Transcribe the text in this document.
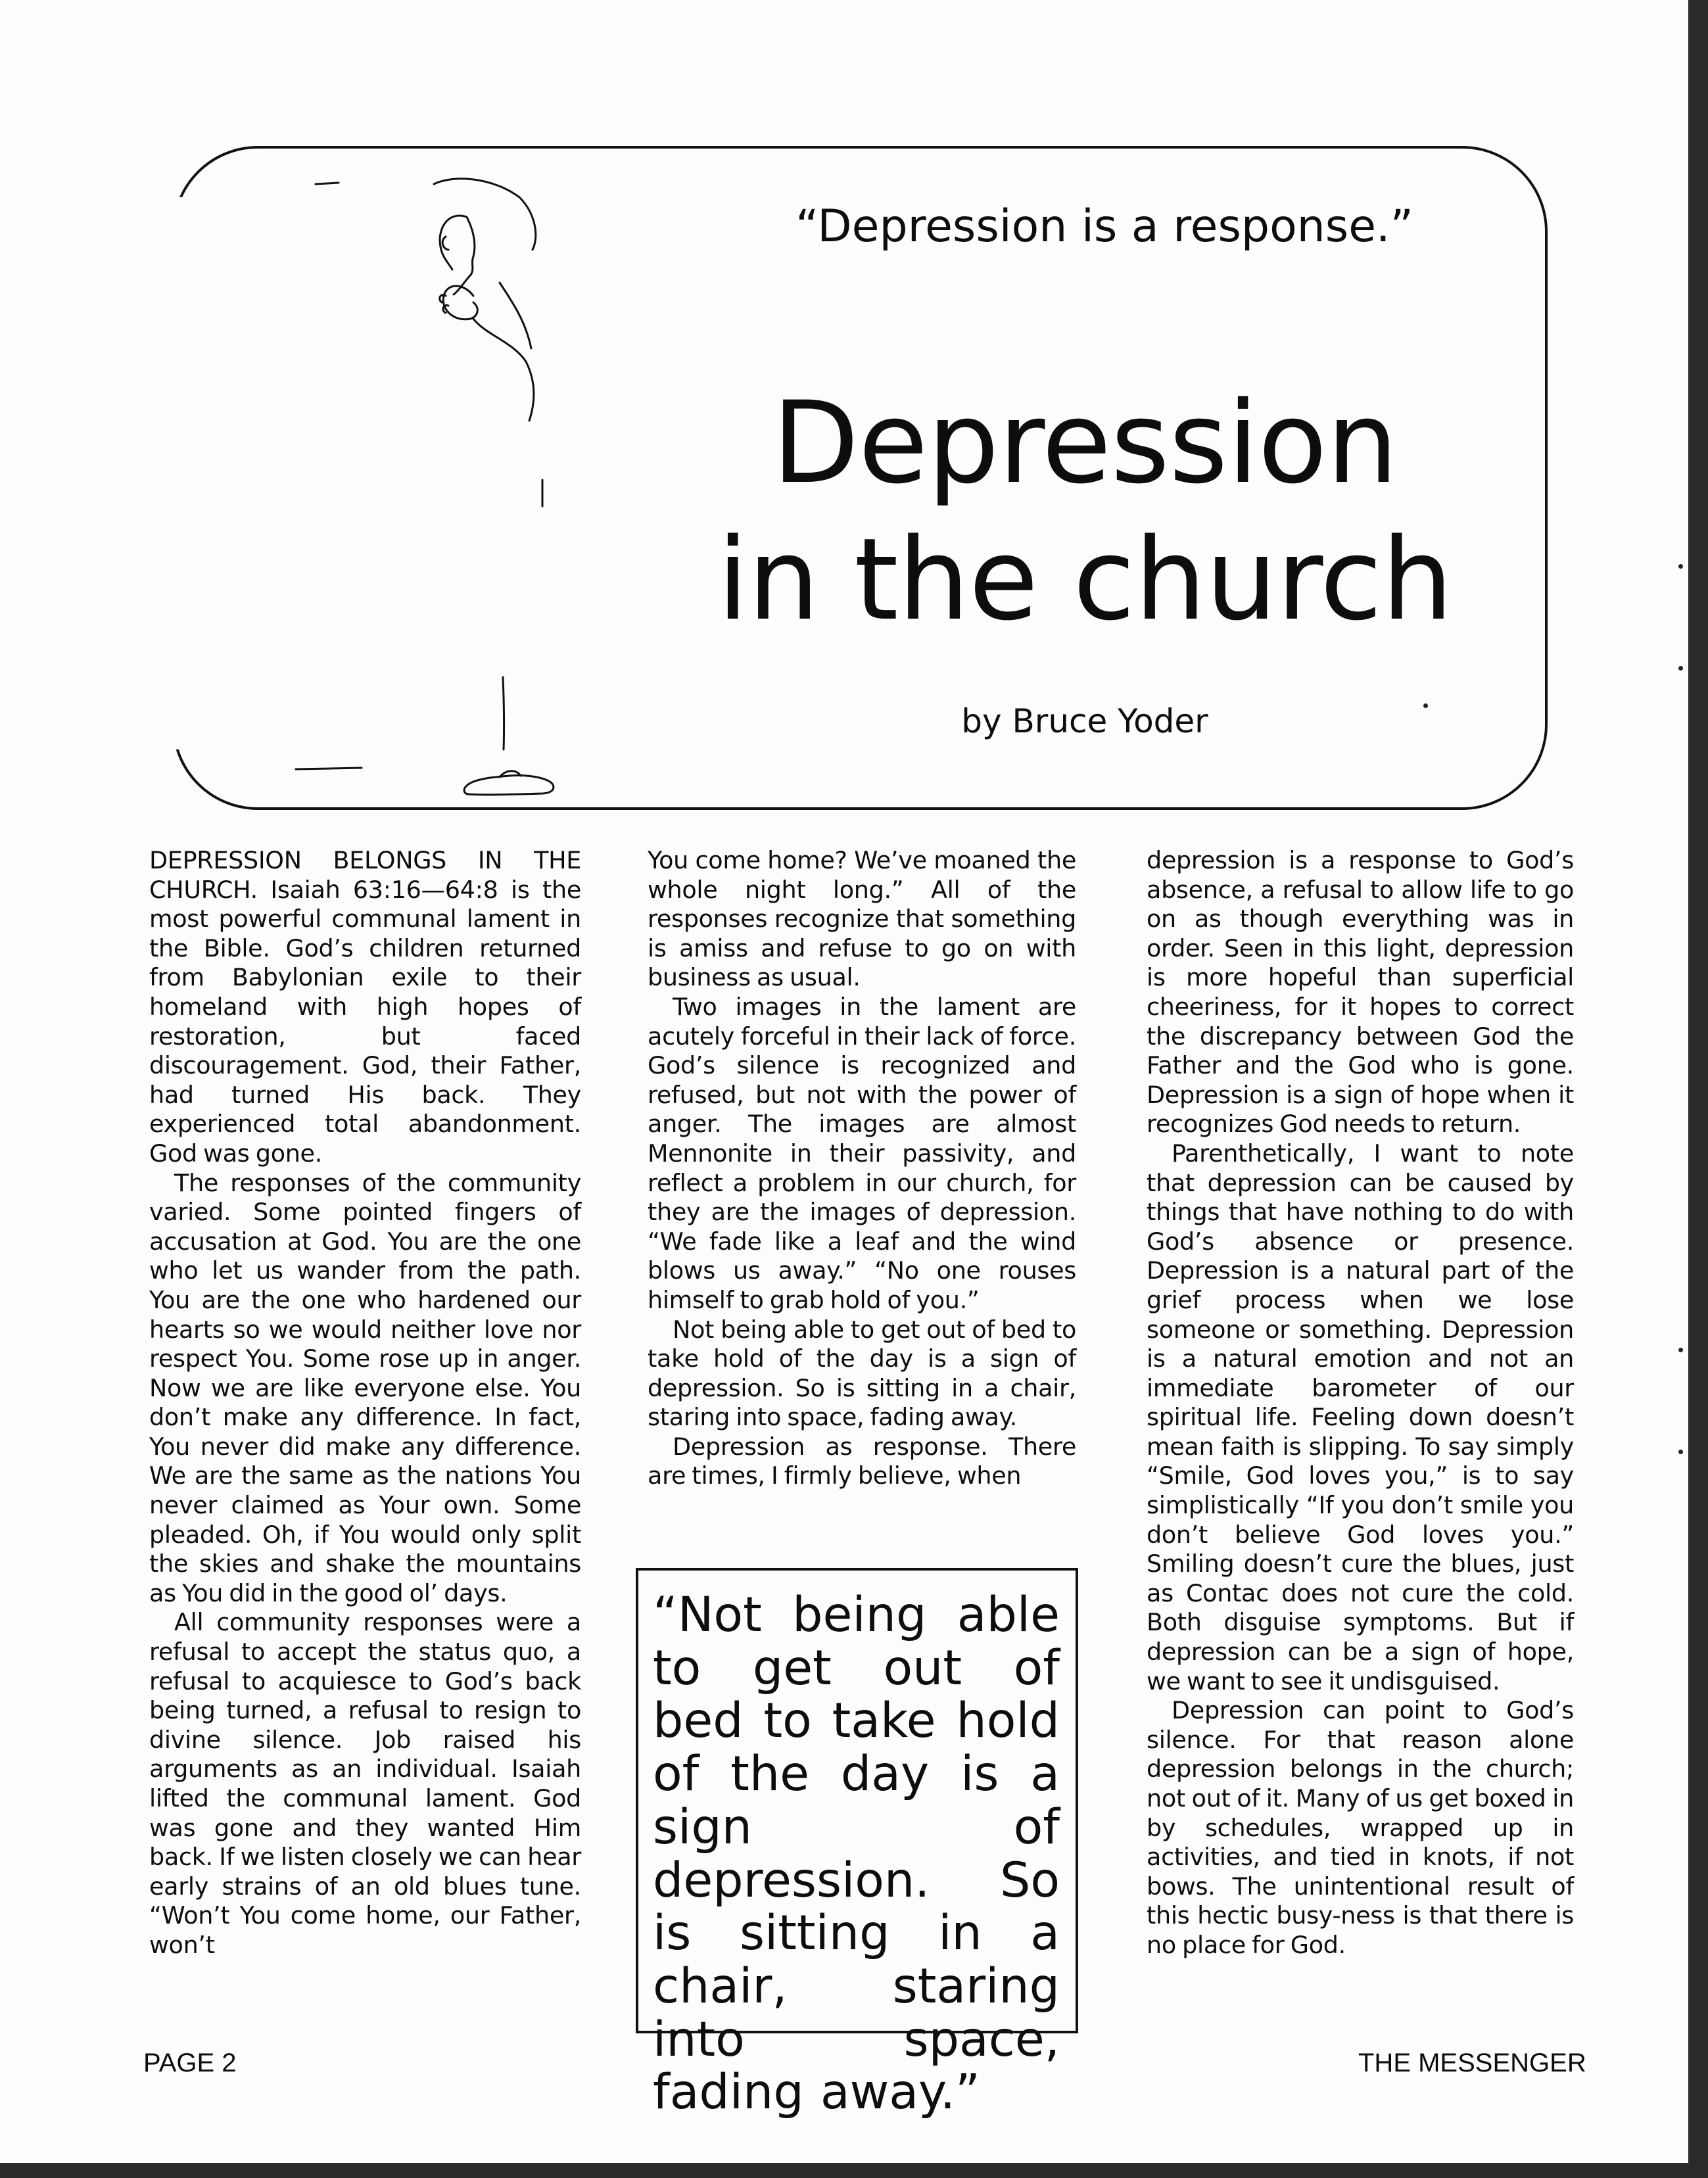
“Depression is a response.”
Depression
in the church
by Bruce Yoder

DEPRESSION BELONGS IN THE CHURCH. Isaiah 63:16—64:8 is the most powerful communal lament in the Bible. God’s children returned from Babylonian exile to their homeland with high hopes of restoration, but faced discouragement. God, their Father, had turned His back. They experienced total abandonment. God was gone.

The responses of the community varied. Some pointed fingers of accusation at God. You are the one who let us wander from the path. You are the one who hardened our hearts so we would neither love nor respect You. Some rose up in anger. Now we are like everyone else. You don’t make any difference. In fact, You never did make any difference. We are the same as the nations You never claimed as Your own. Some pleaded. Oh, if You would only split the skies and shake the mountains as You did in the good ol’ days.

All community responses were a refusal to accept the status quo, a refusal to acquiesce to God’s back being turned, a refusal to resign to divine silence. Job raised his arguments as an individual. Isaiah lifted the communal lament. God was gone and they wanted Him back. If we listen closely we can hear early strains of an old blues tune. “Won’t You come home, our Father, won’t

You come home? We’ve moaned the whole night long.” All of the responses recognize that something is amiss and refuse to go on with business as usual.

Two images in the lament are acutely forceful in their lack of force. God’s silence is recognized and refused, but not with the power of anger. The images are almost Mennonite in their passivity, and reflect a problem in our church, for they are the images of depression. “We fade like a leaf and the wind blows us away.” “No one rouses himself to grab hold of you.”

Not being able to get out of bed to take hold of the day is a sign of depression. So is sitting in a chair, staring into space, fading away.

Depression as response. There are times, I firmly believe, when

“Not being able to get out of bed to take hold of the day is a sign of depression. So is sitting in a chair, staring into space, fading away.”

depression is a response to God’s absence, a refusal to allow life to go on as though everything was in order. Seen in this light, depression is more hopeful than superficial cheeriness, for it hopes to correct the discrepancy between God the Father and the God who is gone. Depression is a sign of hope when it recognizes God needs to return.

Parenthetically, I want to note that depression can be caused by things that have nothing to do with God’s absence or presence. Depression is a natural part of the grief process when we lose someone or something. Depression is a natural emotion and not an immediate barometer of our spiritual life. Feeling down doesn’t mean faith is slipping. To say simply “Smile, God loves you,” is to say simplistically “If you don’t smile you don’t believe God loves you.” Smiling doesn’t cure the blues, just as Contac does not cure the cold. Both disguise symptoms. But if depression can be a sign of hope, we want to see it undisguised.

Depression can point to God’s silence. For that reason alone depression belongs in the church; not out of it. Many of us get boxed in by schedules, wrapped up in activities, and tied in knots, if not bows. The unintentional result of this hectic busy-ness is that there is no place for God.

PAGE 2	THE MESSENGER
